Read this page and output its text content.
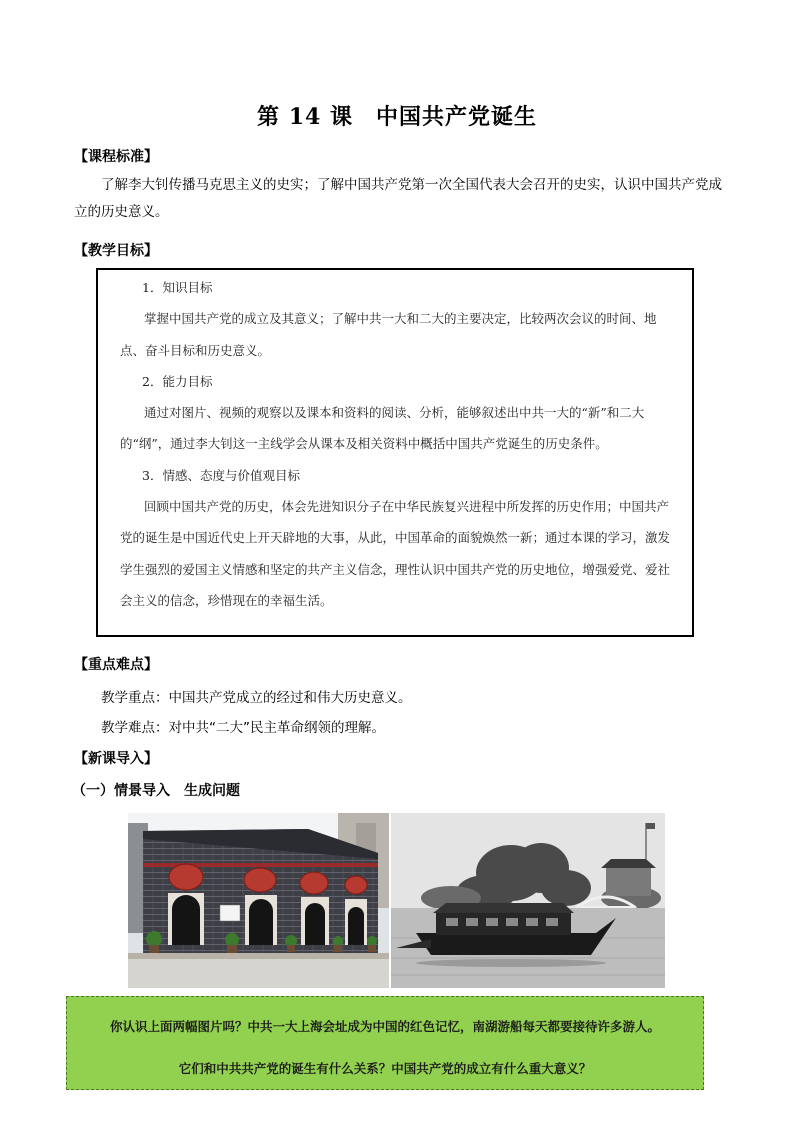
第 14 课　中国共产党诞生
【课程标准】
了解李大钊传播马克思主义的史实；了解中国共产党第一次全国代表大会召开的史实，认识中国共产党成立的历史意义。
【教学目标】
1．知识目标
掌握中国共产党的成立及其意义；了解中共一大和二大的主要决定，比较两次会议的时间、地点、奋斗目标和历史意义。
2．能力目标
通过对图片、视频的观察以及课本和资料的阅读、分析，能够叙述出中共一大的“新”和二大的“纲”，通过李大钊这一主线学会从课本及相关资料中概括中国共产党诞生的历史条件。
3．情感、态度与价值观目标
回顾中国共产党的历史，体会先进知识分子在中华民族复兴进程中所发挥的历史作用；中国共产党的诞生是中国近代史上开天辟地的大事，从此，中国革命的面貌焕然一新；通过本课的学习，激发学生强烈的爱国主义情感和坚定的共产主义信念，理性认识中国共产党的历史地位，增强爱党、爱社会主义的信念，珍惜现在的幸福生活。
【重点难点】
教学重点：中国共产党成立的经过和伟大历史意义。
教学难点：对中共“二大”民主革命纲领的理解。
【新课导入】
（一）情景导入　生成问题
你认识上面两幅图片吗？中共一大上海会址成为中国的红色记忆，南湖游船每天都要接待许多游人。
它们和中共共产党的诞生有什么关系？中国共产党的成立有什么重大意义？
